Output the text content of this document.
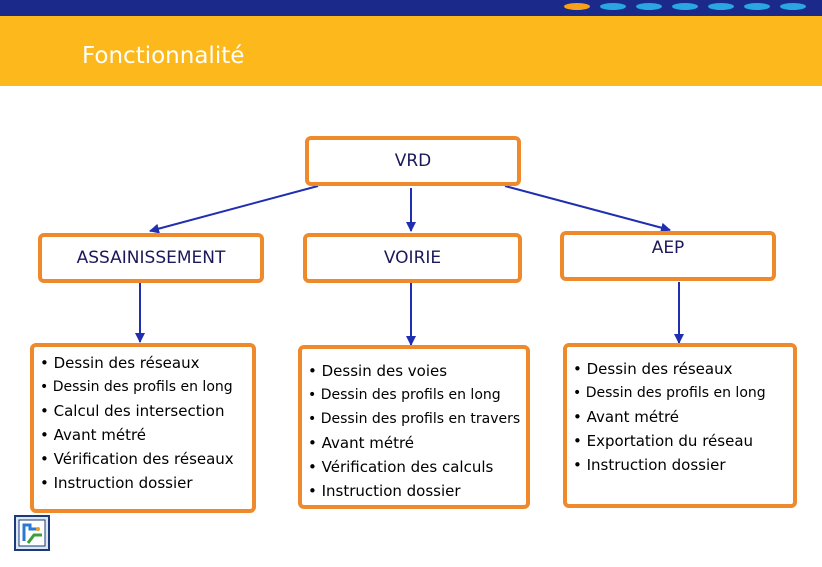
Fonctionnalité
VRD
ASSAINISSEMENT	VOIRIE	AEP
• Dessin des réseaux
• Dessin des profils en long
• Calcul des intersection
• Avant métré
• Vérification des réseaux
• Instruction dossier
• Dessin des voies
• Dessin des profils en long
• Dessin des profils en travers
• Avant métré
• Vérification des calculs
• Instruction dossier
• Dessin des réseaux
• Dessin des profils en long
• Avant métré
• Exportation du réseau
• Instruction dossier
